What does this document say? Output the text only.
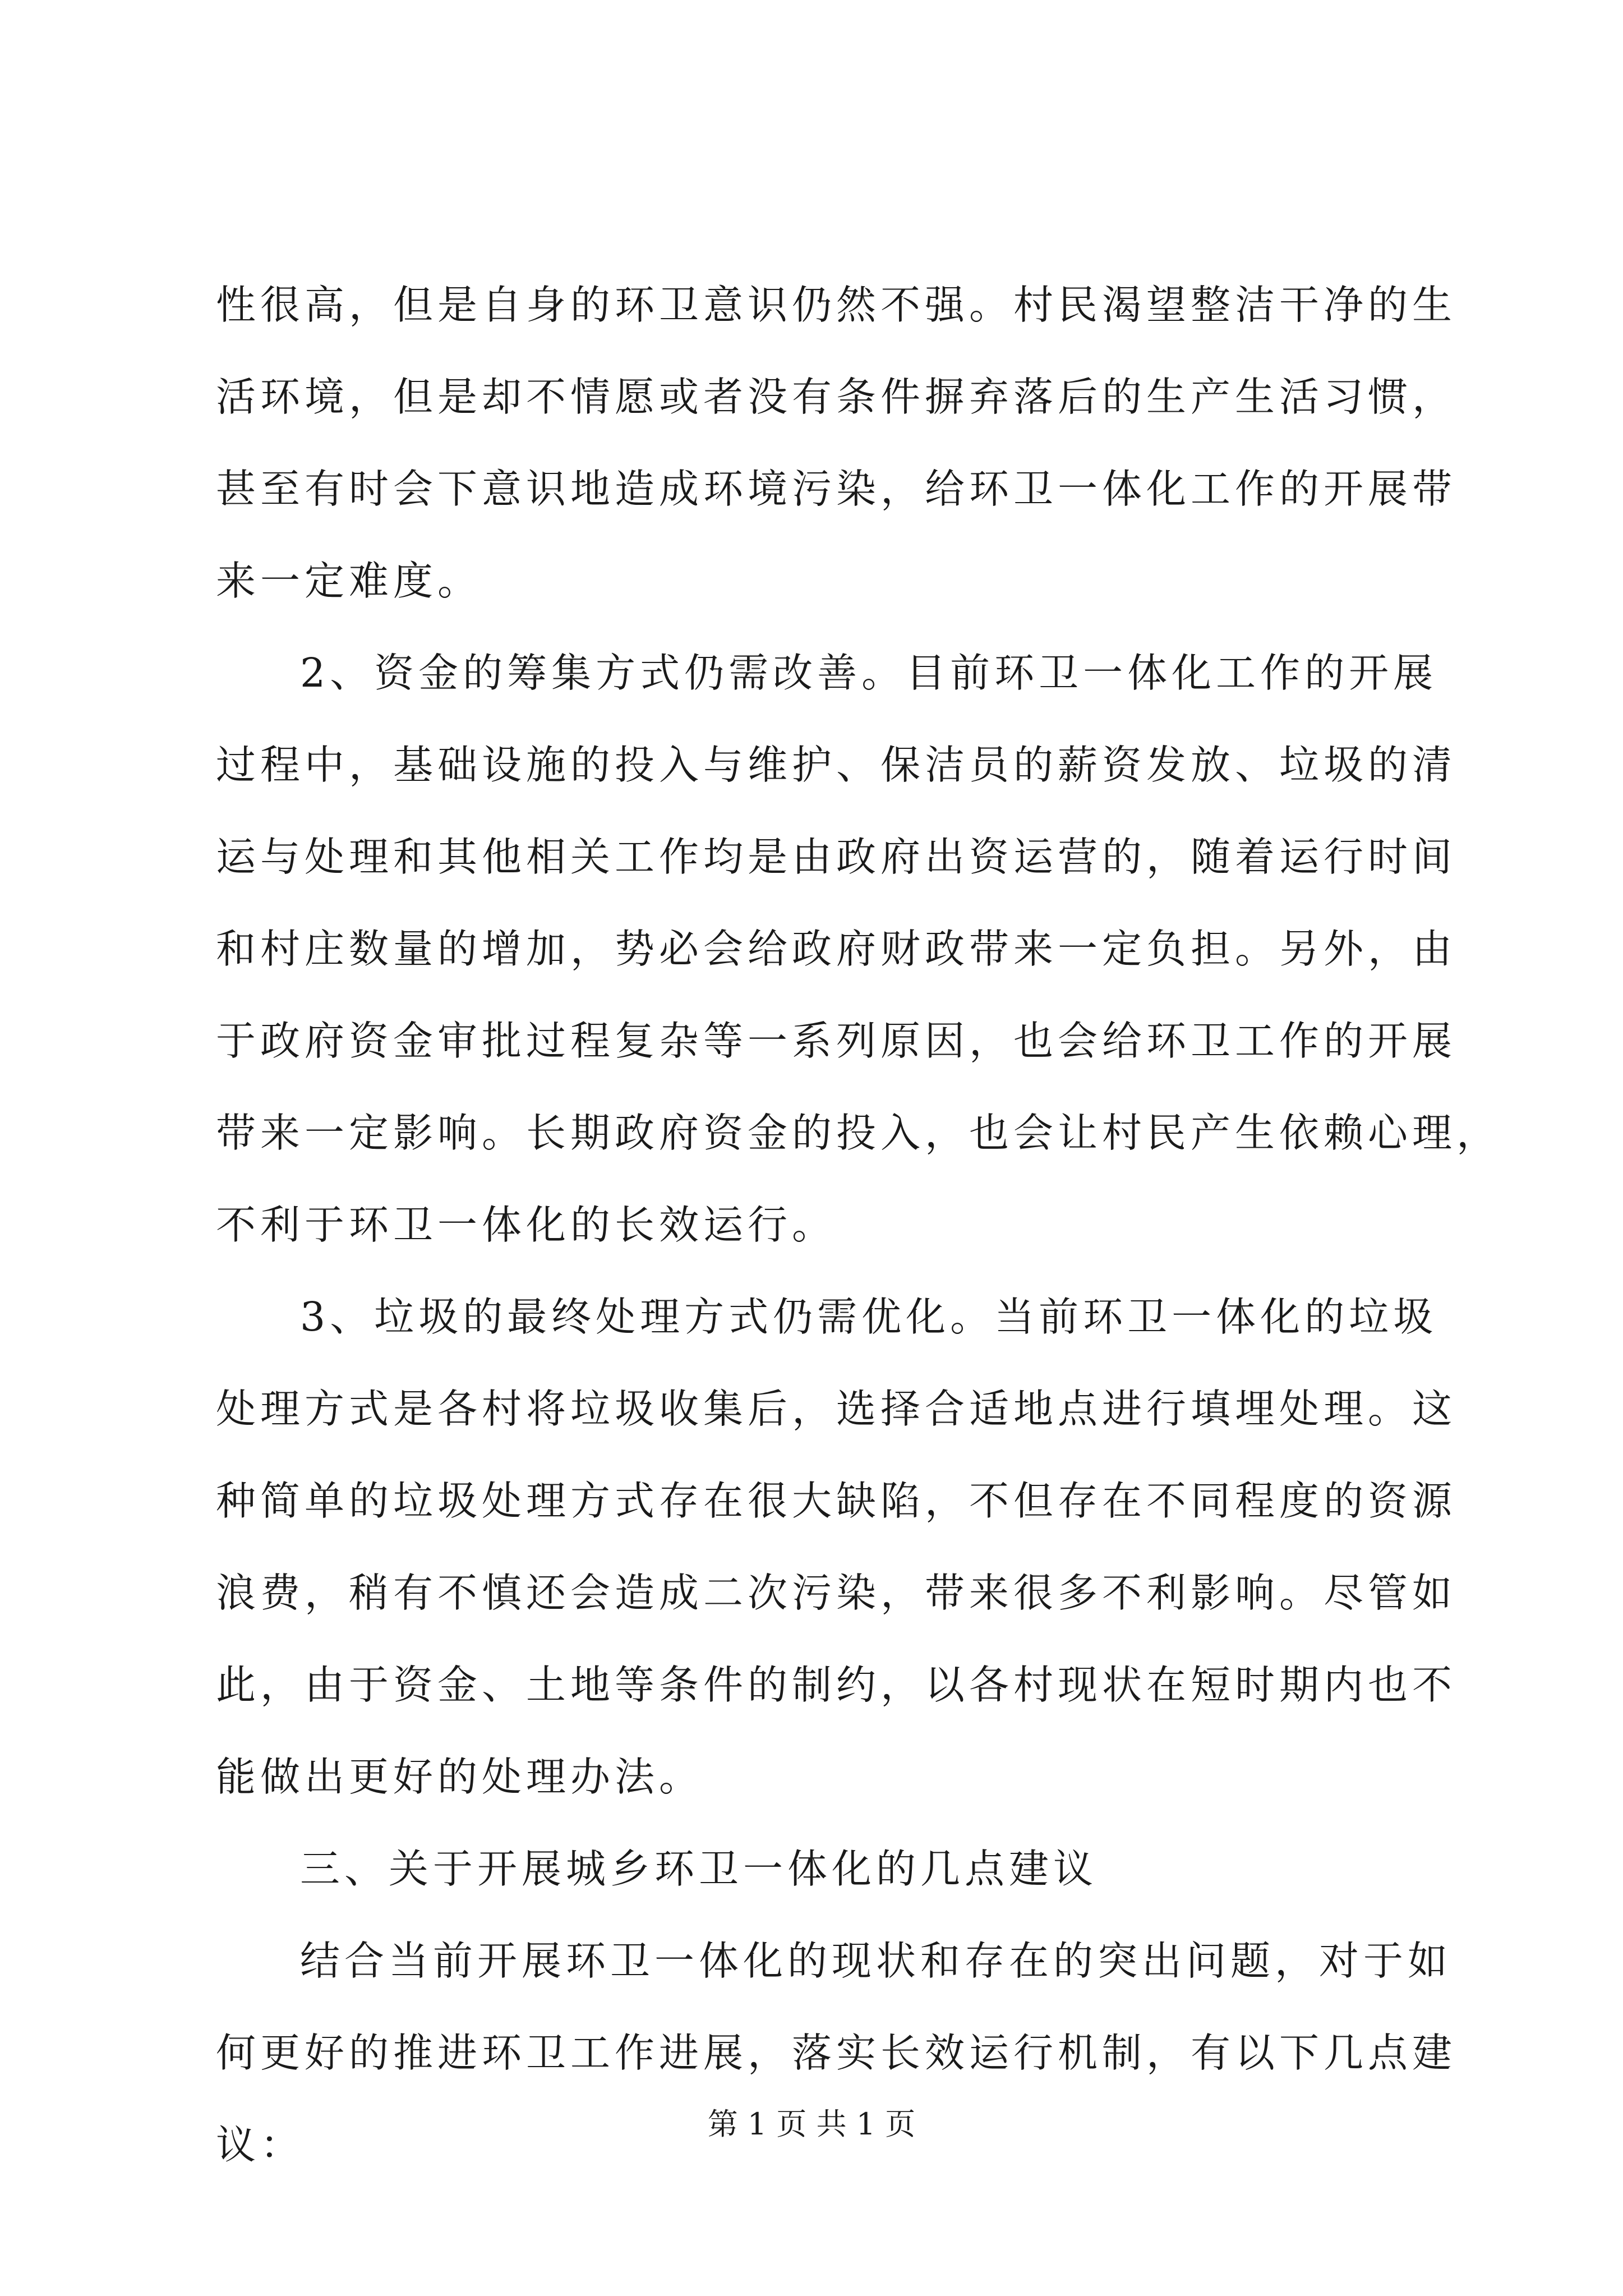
性很高，但是自身的环卫意识仍然不强。村民渴望整洁干净的生
活环境，但是却不情愿或者没有条件摒弃落后的生产生活习惯，
甚至有时会下意识地造成环境污染，给环卫一体化工作的开展带
来一定难度。
2、资金的筹集方式仍需改善。目前环卫一体化工作的开展
过程中，基础设施的投入与维护、保洁员的薪资发放、垃圾的清
运与处理和其他相关工作均是由政府出资运营的，随着运行时间
和村庄数量的增加，势必会给政府财政带来一定负担。另外，由
于政府资金审批过程复杂等一系列原因，也会给环卫工作的开展
带来一定影响。长期政府资金的投入，也会让村民产生依赖心理，
不利于环卫一体化的长效运行。
3、垃圾的最终处理方式仍需优化。当前环卫一体化的垃圾
处理方式是各村将垃圾收集后，选择合适地点进行填埋处理。这
种简单的垃圾处理方式存在很大缺陷，不但存在不同程度的资源
浪费，稍有不慎还会造成二次污染，带来很多不利影响。尽管如
此，由于资金、土地等条件的制约，以各村现状在短时期内也不
能做出更好的处理办法。
三、关于开展城乡环卫一体化的几点建议
结合当前开展环卫一体化的现状和存在的突出问题，对于如
何更好的推进环卫工作进展，落实长效运行机制，有以下几点建
议：	第 1 页 共 1 页
